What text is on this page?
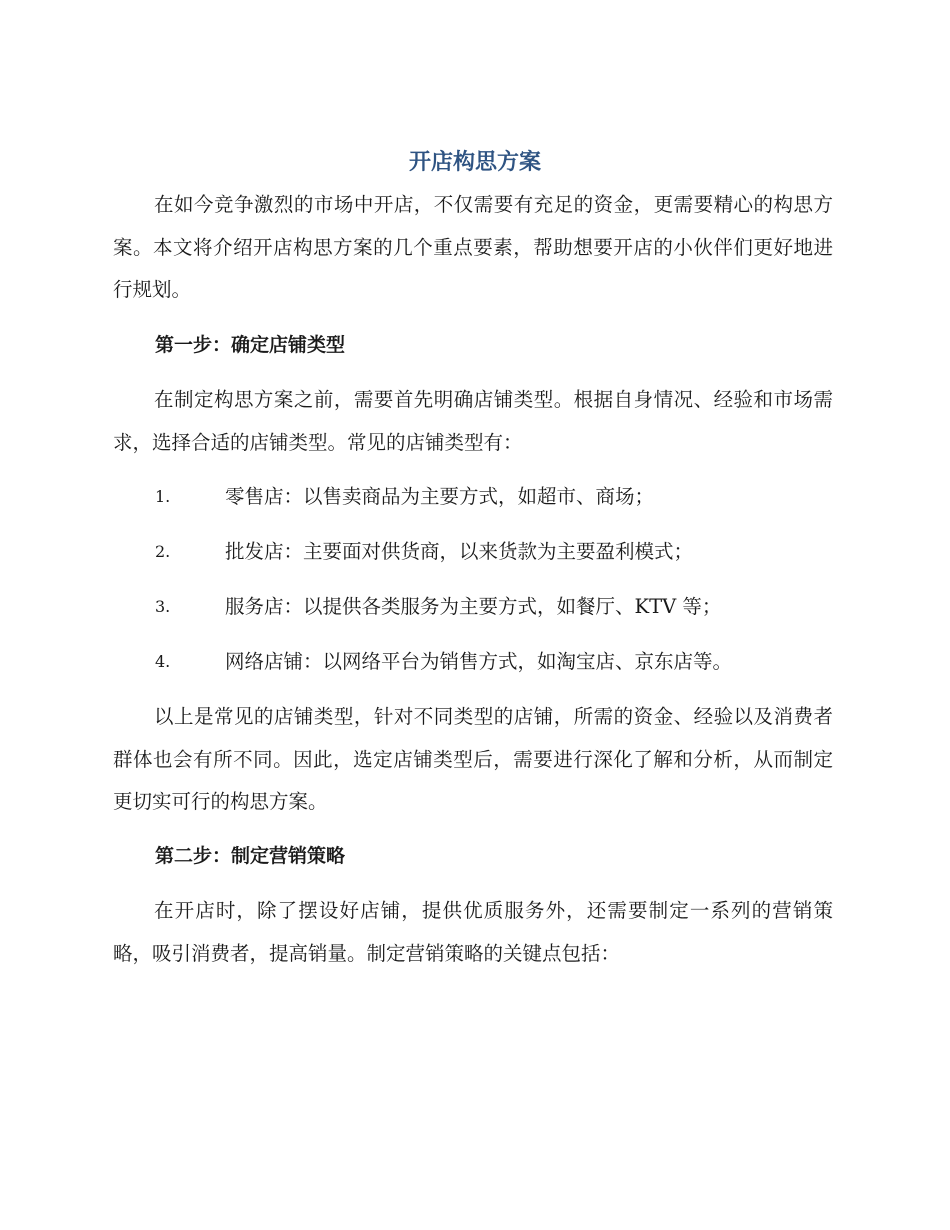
开店构思方案

在如今竞争激烈的市场中开店，不仅需要有充足的资金，更需要精心的构思方案。本文将介绍开店构思方案的几个重点要素，帮助想要开店的小伙伴们更好地进行规划。

第一步：确定店铺类型

在制定构思方案之前，需要首先明确店铺类型。根据自身情况、经验和市场需求，选择合适的店铺类型。常见的店铺类型有：

1.	零售店：以售卖商品为主要方式，如超市、商场；
2.	批发店：主要面对供货商，以来货款为主要盈利模式；
3.	服务店：以提供各类服务为主要方式，如餐厅、KTV 等；
4.	网络店铺：以网络平台为销售方式，如淘宝店、京东店等。

以上是常见的店铺类型，针对不同类型的店铺，所需的资金、经验以及消费者群体也会有所不同。因此，选定店铺类型后，需要进行深化了解和分析，从而制定更切实可行的构思方案。

第二步：制定营销策略

在开店时，除了摆设好店铺，提供优质服务外，还需要制定一系列的营销策略，吸引消费者，提高销量。制定营销策略的关键点包括：
